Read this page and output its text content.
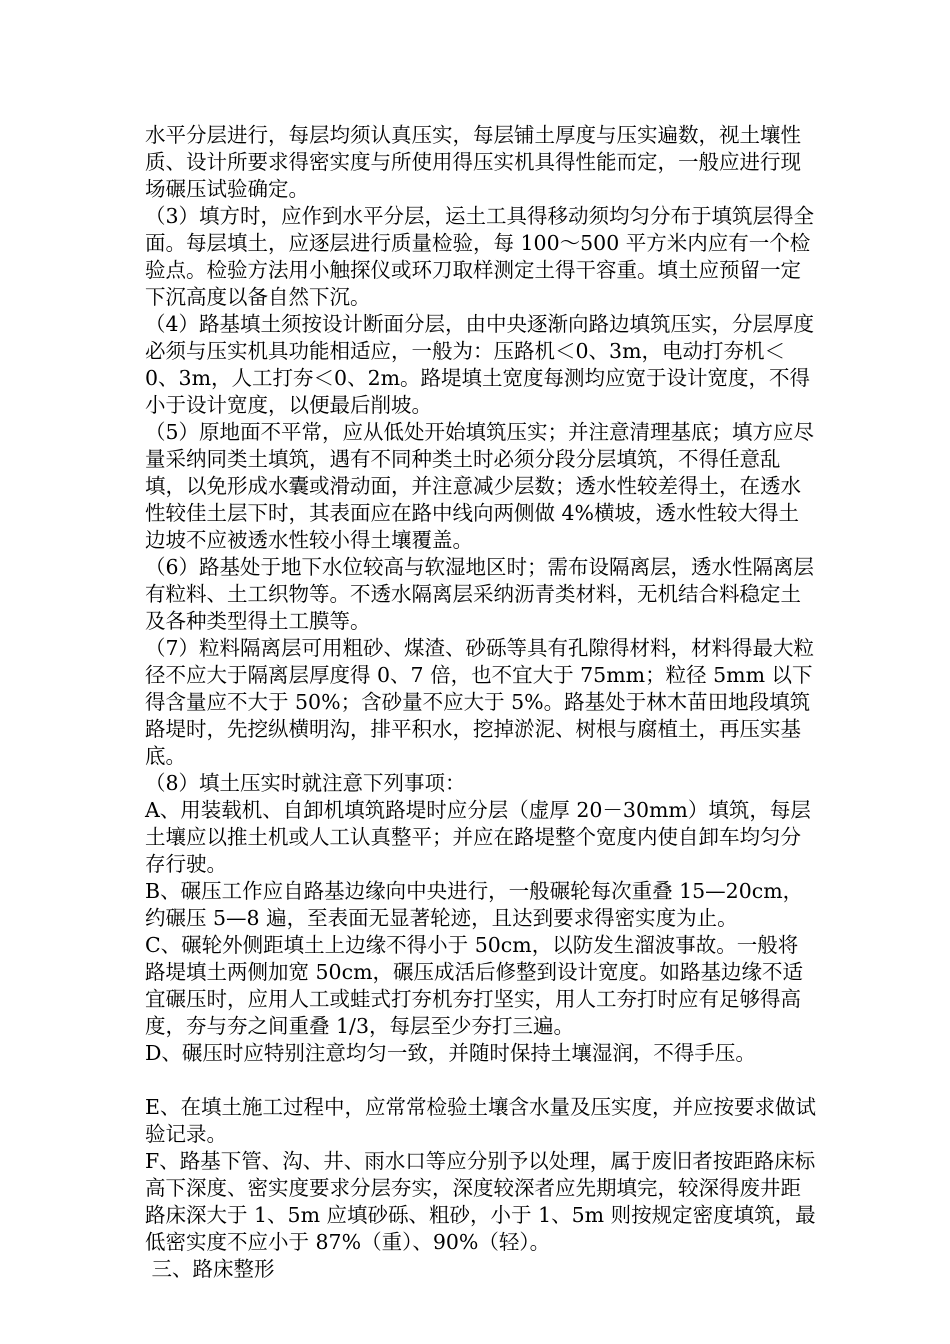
水平分层进行，每层均须认真压实，每层铺土厚度与压实遍数，视土壤性质、设计所要求得密实度与所使用得压实机具得性能而定，一般应进行现场碾压试验确定。

（3）填方时，应作到水平分层，运土工具得移动须均匀分布于填筑层得全面。每层填土，应逐层进行质量检验，每 100～500 平方米内应有一个检验点。检验方法用小触探仪或环刀取样测定土得干容重。填土应预留一定下沉高度以备自然下沉。

（4）路基填土须按设计断面分层，由中央逐渐向路边填筑压实，分层厚度必须与压实机具功能相适应，一般为：压路机＜0、3m，电动打夯机＜0、3m，人工打夯＜0、2m。路堤填土宽度每测均应宽于设计宽度，不得小于设计宽度，以便最后削坡。

（5）原地面不平常，应从低处开始填筑压实；并注意清理基底；填方应尽量采纳同类土填筑，遇有不同种类土时必须分段分层填筑，不得任意乱填，以免形成水囊或滑动面，并注意减少层数；透水性较差得土，在透水性较佳土层下时，其表面应在路中线向两侧做 4%横坡，透水性较大得土边坡不应被透水性较小得土壤覆盖。

（6）路基处于地下水位较高与软湿地区时；需布设隔离层，透水性隔离层有粒料、土工织物等。不透水隔离层采纳沥青类材料，无机结合料稳定土及各种类型得土工膜等。

（7）粒料隔离层可用粗砂、煤渣、砂砾等具有孔隙得材料，材料得最大粒径不应大于隔离层厚度得 0、7 倍，也不宜大于 75mm；粒径 5mm 以下得含量应不大于 50%；含砂量不应大于 5%。路基处于林木苗田地段填筑路堤时，先挖纵横明沟，排平积水，挖掉淤泥、树根与腐植土，再压实基底。

（8）填土压实时就注意下列事项：

A、用装载机、自卸机填筑路堤时应分层（虚厚 20－30mm）填筑，每层土壤应以推土机或人工认真整平；并应在路堤整个宽度内使自卸车均匀分存行驶。

B、碾压工作应自路基边缘向中央进行，一般碾轮每次重叠 15—20cm，约碾压 5—8 遍，至表面无显著轮迹，且达到要求得密实度为止。

C、碾轮外侧距填土上边缘不得小于 50cm，以防发生溜波事故。一般将路堤填土两侧加宽 50cm，碾压成活后修整到设计宽度。如路基边缘不适宜碾压时，应用人工或蛙式打夯机夯打坚实，用人工夯打时应有足够得高度，夯与夯之间重叠 1/3，每层至少夯打三遍。

D、碾压时应特别注意均匀一致，并随时保持土壤湿润，不得手压。

E、在填土施工过程中，应常常检验土壤含水量及压实度，并应按要求做试验记录。

F、路基下管、沟、井、雨水口等应分别予以处理，属于废旧者按距路床标高下深度、密实度要求分层夯实，深度较深者应先期填完，较深得废井距路床深大于 1、5m 应填砂砾、粗砂，小于 1、5m 则按规定密度填筑，最低密实度不应小于 87%（重）、90%（轻）。

三、路床整形
